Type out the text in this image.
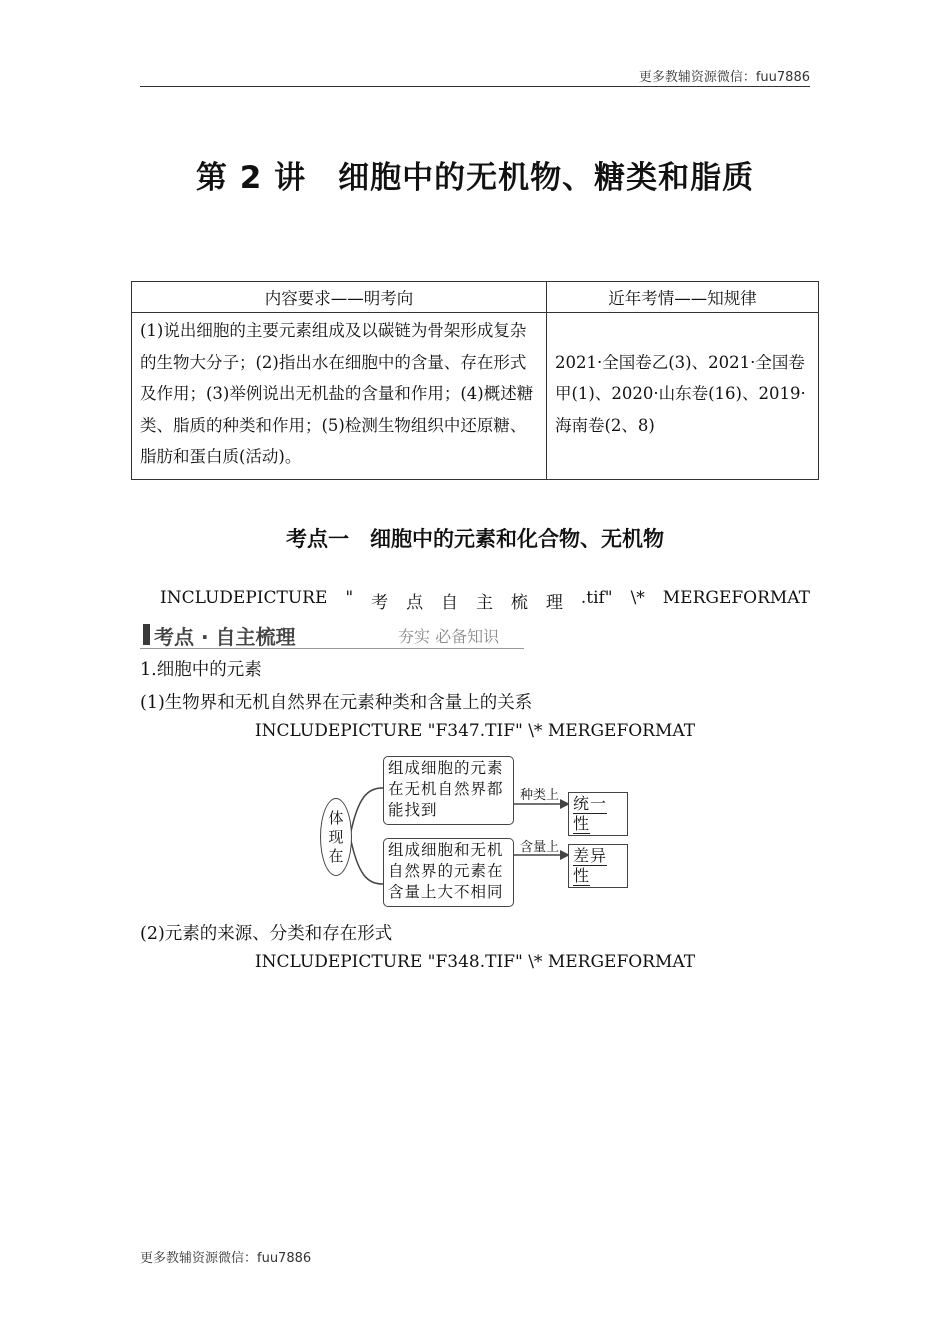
更多教辅资源微信：fuu7886
第 2 讲　细胞中的无机物、糖类和脂质
内容要求——明考向	近年考情——知规律
(1)说出细胞的主要元素组成及以碳链为骨架形成复杂的生物大分子；(2)指出水在细胞中的含量、存在形式及作用；(3)举例说出无机盐的含量和作用；(4)概述糖类、脂质的种类和作用；(5)检测生物组织中还原糖、脂肪和蛋白质(活动)。	2021·全国卷乙(3)、2021·全国卷甲(1)、2020·山东卷(16)、2019·海南卷(2、8)
考点一　细胞中的元素和化合物、无机物
INCLUDEPICTURE " 考 点 自 主 梳 理 .tif" \* MERGEFORMAT
考点 · 自主梳理	夯实 必备知识
1.细胞中的元素
(1)生物界和无机自然界在元素种类和含量上的关系
INCLUDEPICTURE "F347.TIF" \* MERGEFORMAT
体现在
组成细胞的元素在无机自然界都能找到
组成细胞和无机自然界的元素在含量上大不相同
种类上
含量上
统一性
差异性
(2)元素的来源、分类和存在形式
INCLUDEPICTURE "F348.TIF" \* MERGEFORMAT
更多教辅资源微信：fuu7886
